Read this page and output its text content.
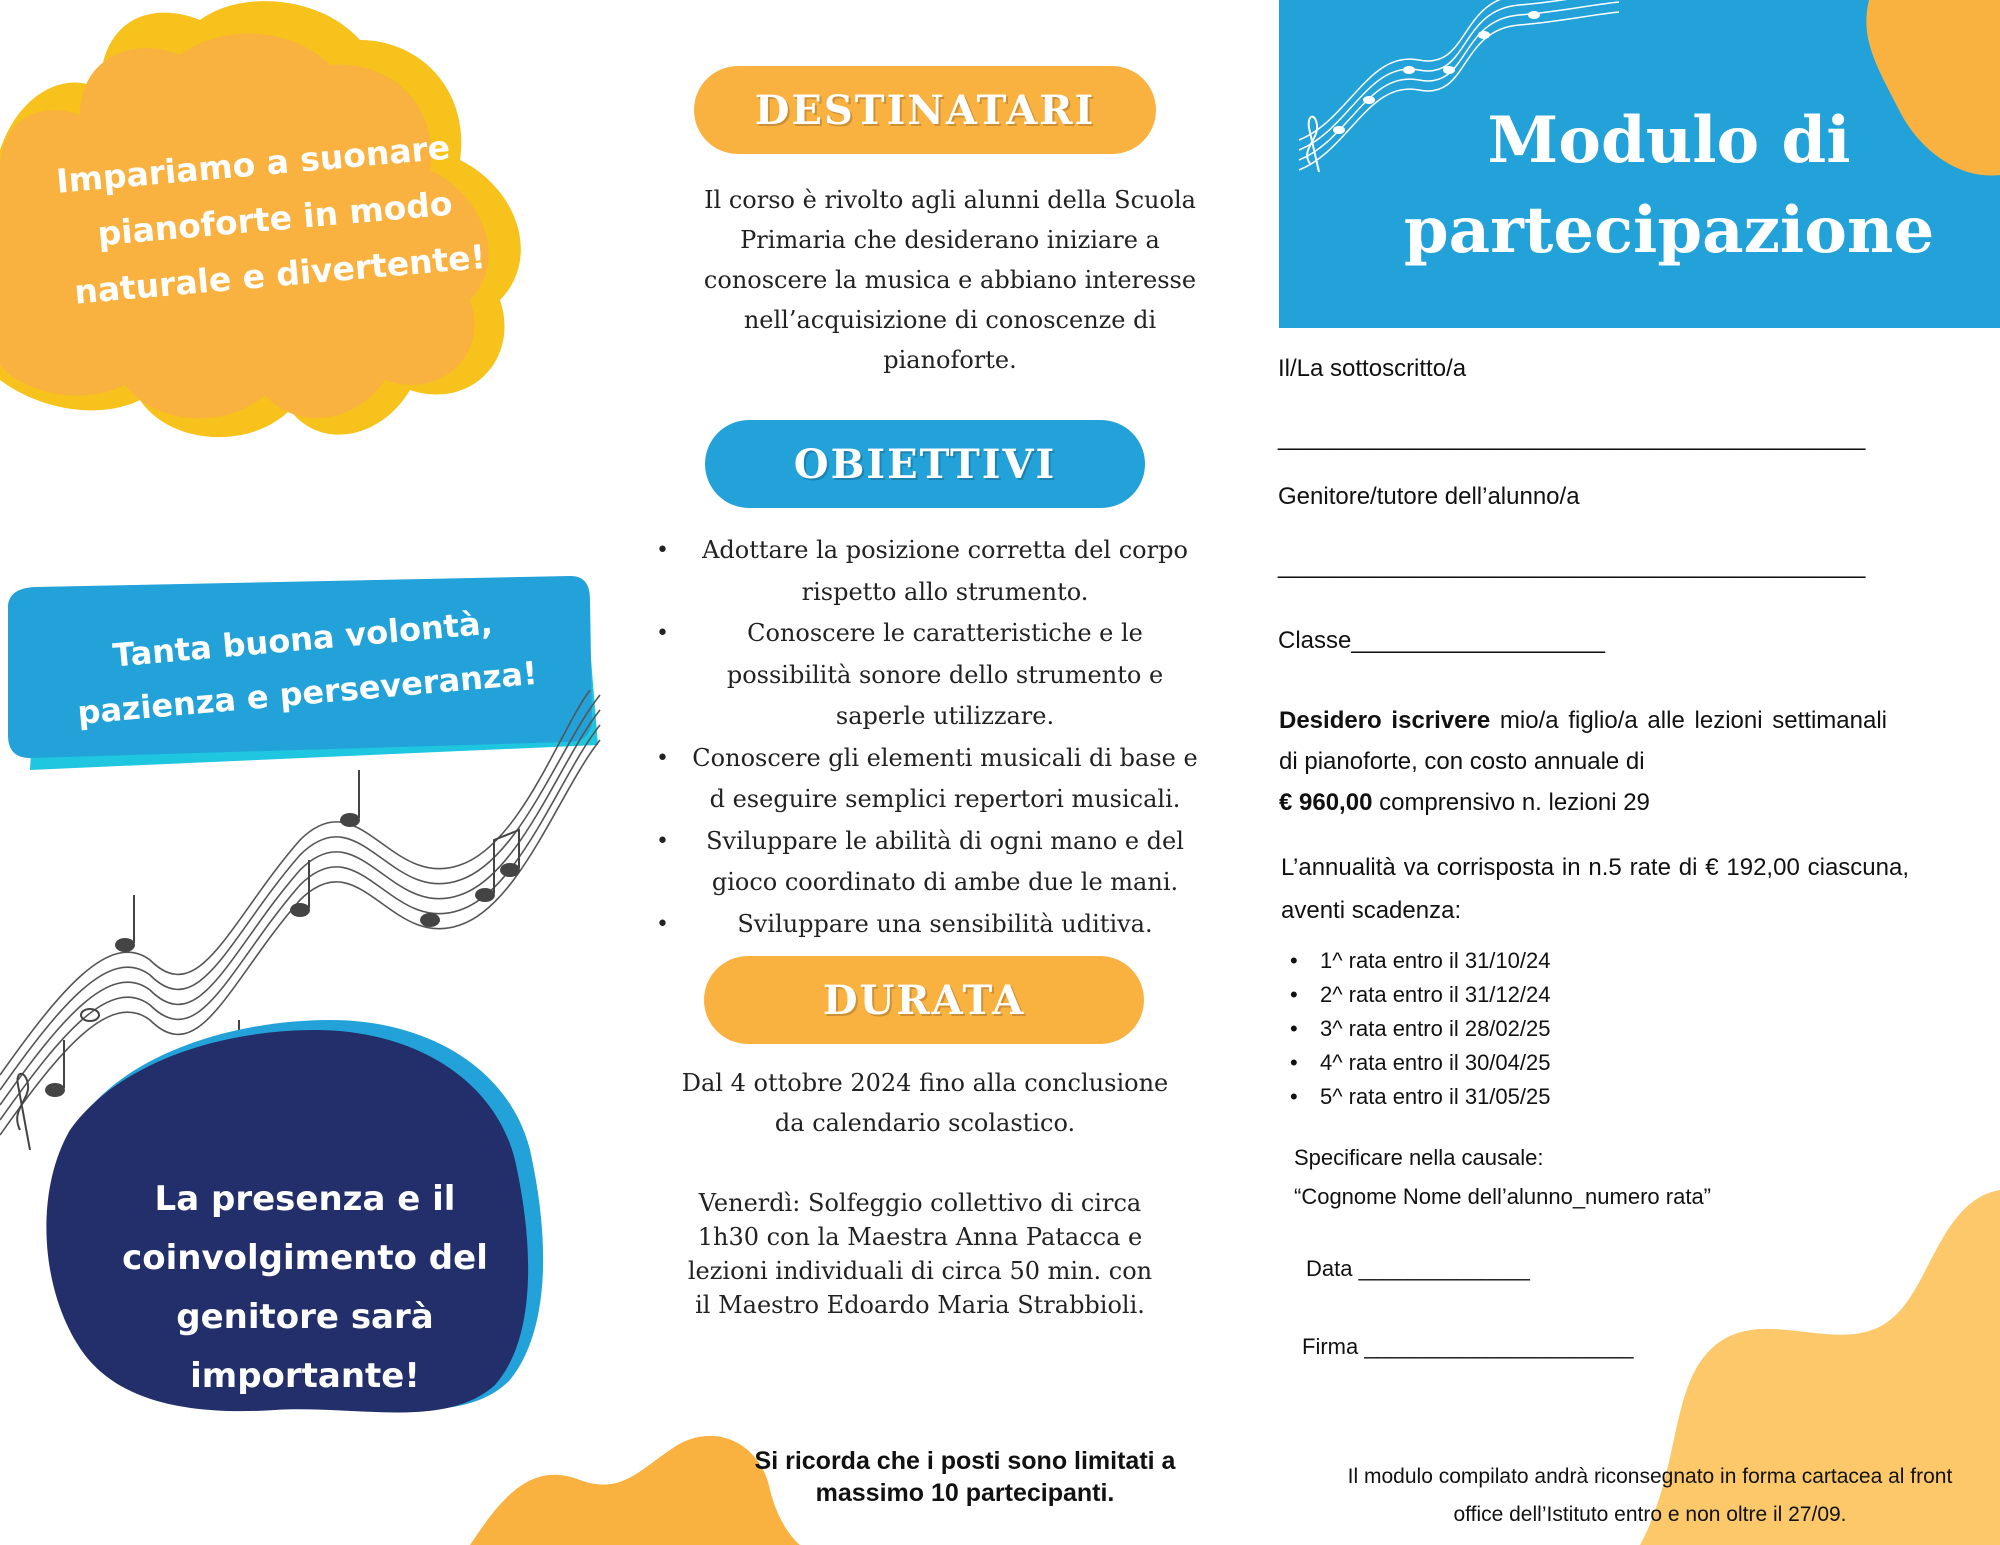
Impariamo a suonare il pianoforte in modo naturale e divertente!
Tanta buona volontà, pazienza e perseveranza!
La presenza e il coinvolgimento del genitore sarà importante!
DESTINATARI
Il corso è rivolto agli alunni della Scuola Primaria che desiderano iniziare a conoscere la musica e abbiano interesse nell’acquisizione di conoscenze di pianoforte.
OBIETTIVI
• Adottare la posizione corretta del corpo rispetto allo strumento.
• Conoscere le caratteristiche e le possibilità sonore dello strumento e saperle utilizzare.
• Conoscere gli elementi musicali di base e d eseguire semplici repertori musicali.
• Sviluppare le abilità di ogni mano e del gioco coordinato di ambe due le mani.
• Sviluppare una sensibilità uditiva.
DURATA
Dal 4 ottobre 2024 fino alla conclusione da calendario scolastico.
Venerdì: Solfeggio collettivo di circa 1h30 con la Maestra Anna Patacca e lezioni individuali di circa 50 min. con il Maestro Edoardo Maria Strabbioli.
Si ricorda che i posti sono limitati a massimo 10 partecipanti.
Modulo di
partecipazione
Il/La sottoscritto/a
____________________________________________
Genitore/tutore dell’alunno/a
____________________________________________
Classe___________________
Desidero iscrivere mio/a figlio/a alle lezioni settimanali di pianoforte, con costo annuale di
€ 960,00 comprensivo n. lezioni 29
L’annualità va corrisposta in n.5 rate di € 192,00 ciascuna, aventi scadenza:
• 1^ rata entro il 31/10/24
• 2^ rata entro il 31/12/24
• 3^ rata entro il 28/02/25
• 4^ rata entro il 30/04/25
• 5^ rata entro il 31/05/25
Specificare nella causale:
“Cognome Nome dell’alunno_numero rata”
Data ______________
Firma ______________________
Il modulo compilato andrà riconsegnato in forma cartacea al front office dell’Istituto entro e non oltre il 27/09.
